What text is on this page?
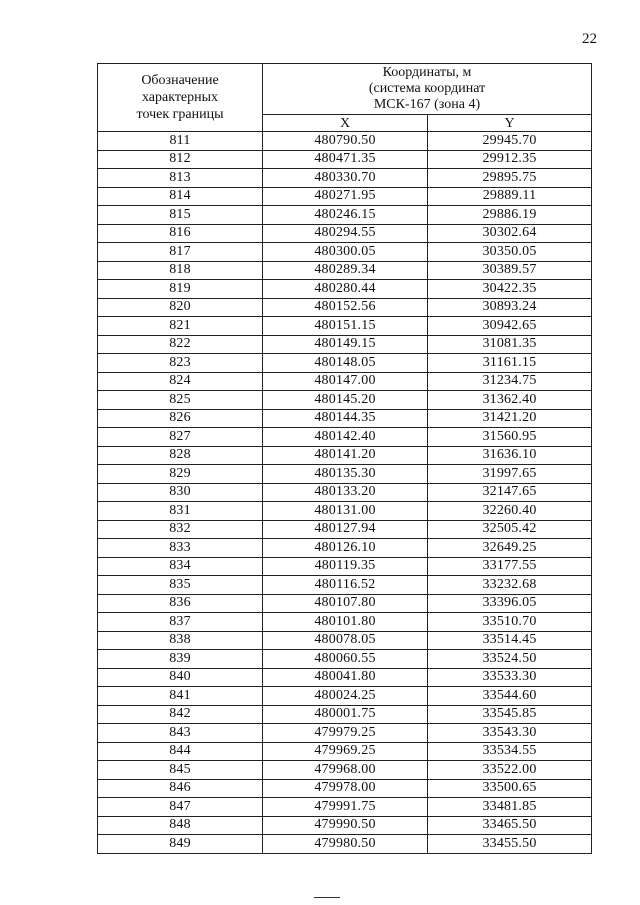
22
Обозначение
характерных
точек границы	Координаты, м
(система координат
МСК-167 (зона 4)	

	X	Y
811	480790.50	29945.70
812	480471.35	29912.35
813	480330.70	29895.75
814	480271.95	29889.11
815	480246.15	29886.19
816	480294.55	30302.64
817	480300.05	30350.05
818	480289.34	30389.57
819	480280.44	30422.35
820	480152.56	30893.24
821	480151.15	30942.65
822	480149.15	31081.35
823	480148.05	31161.15
824	480147.00	31234.75
825	480145.20	31362.40
826	480144.35	31421.20
827	480142.40	31560.95
828	480141.20	31636.10
829	480135.30	31997.65
830	480133.20	32147.65
831	480131.00	32260.40
832	480127.94	32505.42
833	480126.10	32649.25
834	480119.35	33177.55
835	480116.52	33232.68
836	480107.80	33396.05
837	480101.80	33510.70
838	480078.05	33514.45
839	480060.55	33524.50
840	480041.80	33533.30
841	480024.25	33544.60
842	480001.75	33545.85
843	479979.25	33543.30
844	479969.25	33534.55
845	479968.00	33522.00
846	479978.00	33500.65
847	479991.75	33481.85
848	479990.50	33465.50
849	479980.50	33455.50
